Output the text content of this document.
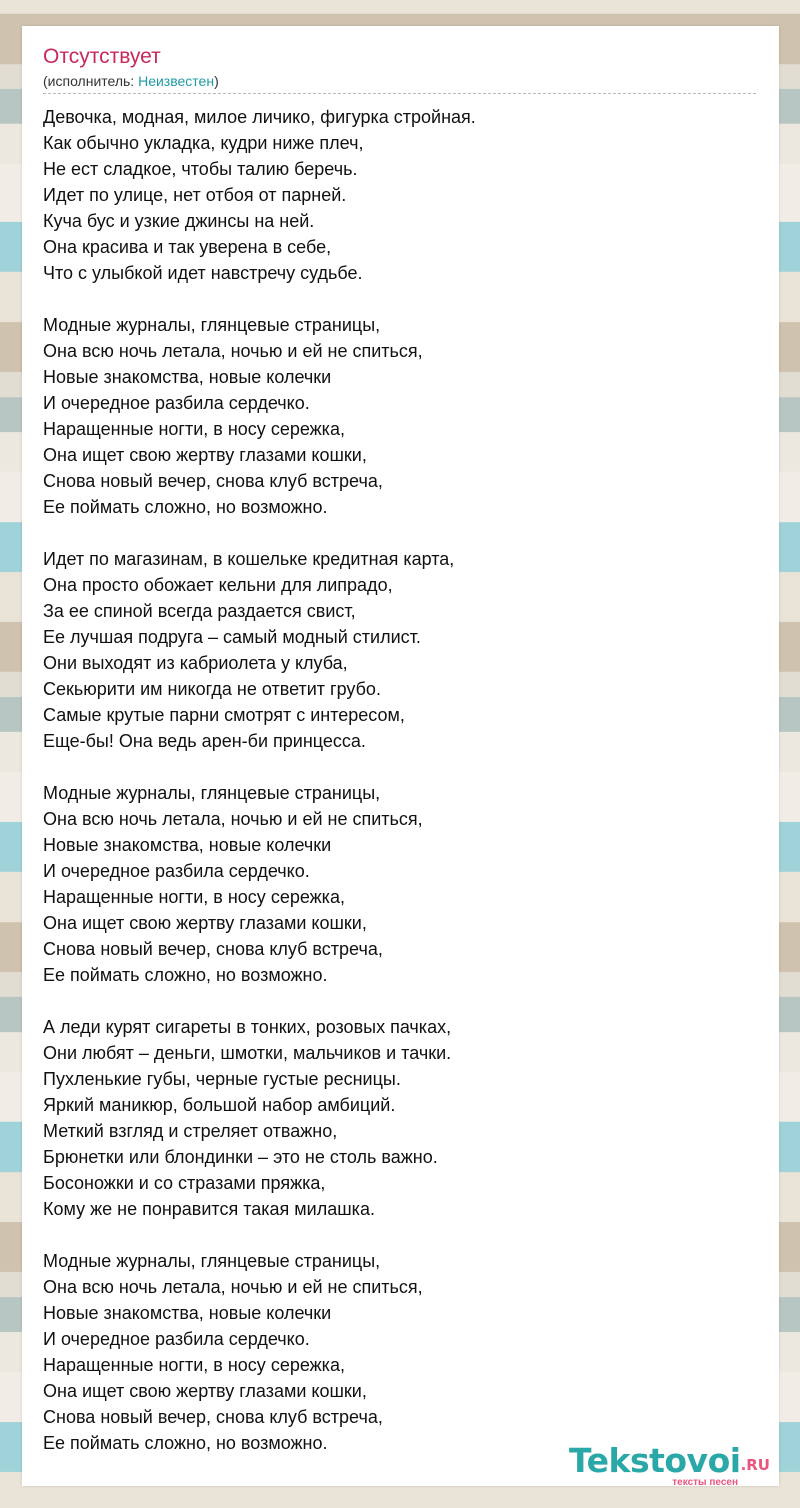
Отсутствует
(исполнитель: Неизвестен)
Девочка, модная, милое личико, фигурка стройная.
Как обычно укладка, кудри ниже плеч,
Не ест сладкое, чтобы талию беречь.
Идет по улице, нет отбоя от парней.
Куча бус и узкие джинсы на ней.
Она красива и так уверена в себе,
Что с улыбкой идет навстречу судьбе.
Модные журналы, глянцевые страницы,
Она всю ночь летала, ночью и ей не спиться,
Новые знакомства, новые колечки
И очередное разбила сердечко.
Наращенные ногти, в носу сережка,
Она ищет свою жертву глазами кошки,
Снова новый вечер, снова клуб встреча,
Ее поймать сложно, но возможно.
Идет по магазинам, в кошельке кредитная карта,
Она просто обожает кельни для липрадо,
За ее спиной всегда раздается свист,
Ее лучшая подруга – самый модный стилист.
Они выходят из кабриолета у клуба,
Секьюрити им никогда не ответит грубо.
Самые крутые парни смотрят с интересом,
Еще-бы! Она ведь арен-би принцесса.
Модные журналы, глянцевые страницы,
Она всю ночь летала, ночью и ей не спиться,
Новые знакомства, новые колечки
И очередное разбила сердечко.
Наращенные ногти, в носу сережка,
Она ищет свою жертву глазами кошки,
Снова новый вечер, снова клуб встреча,
Ее поймать сложно, но возможно.
А леди курят сигареты в тонких, розовых пачках,
Они любят – деньги, шмотки, мальчиков и тачки.
Пухленькие губы, черные густые ресницы.
Яркий маникюр, большой набор амбиций.
Меткий взгляд и стреляет отважно,
Брюнетки или блондинки – это не столь важно.
Босоножки и со стразами пряжка,
Кому же не понравится такая милашка.
Модные журналы, глянцевые страницы,
Она всю ночь летала, ночью и ей не спиться,
Новые знакомства, новые колечки
И очередное разбила сердечко.
Наращенные ногти, в носу сережка,
Она ищет свою жертву глазами кошки,
Снова новый вечер, снова клуб встреча,
Ее поймать сложно, но возможно.	Tekstovoi.RU
тексты песен
